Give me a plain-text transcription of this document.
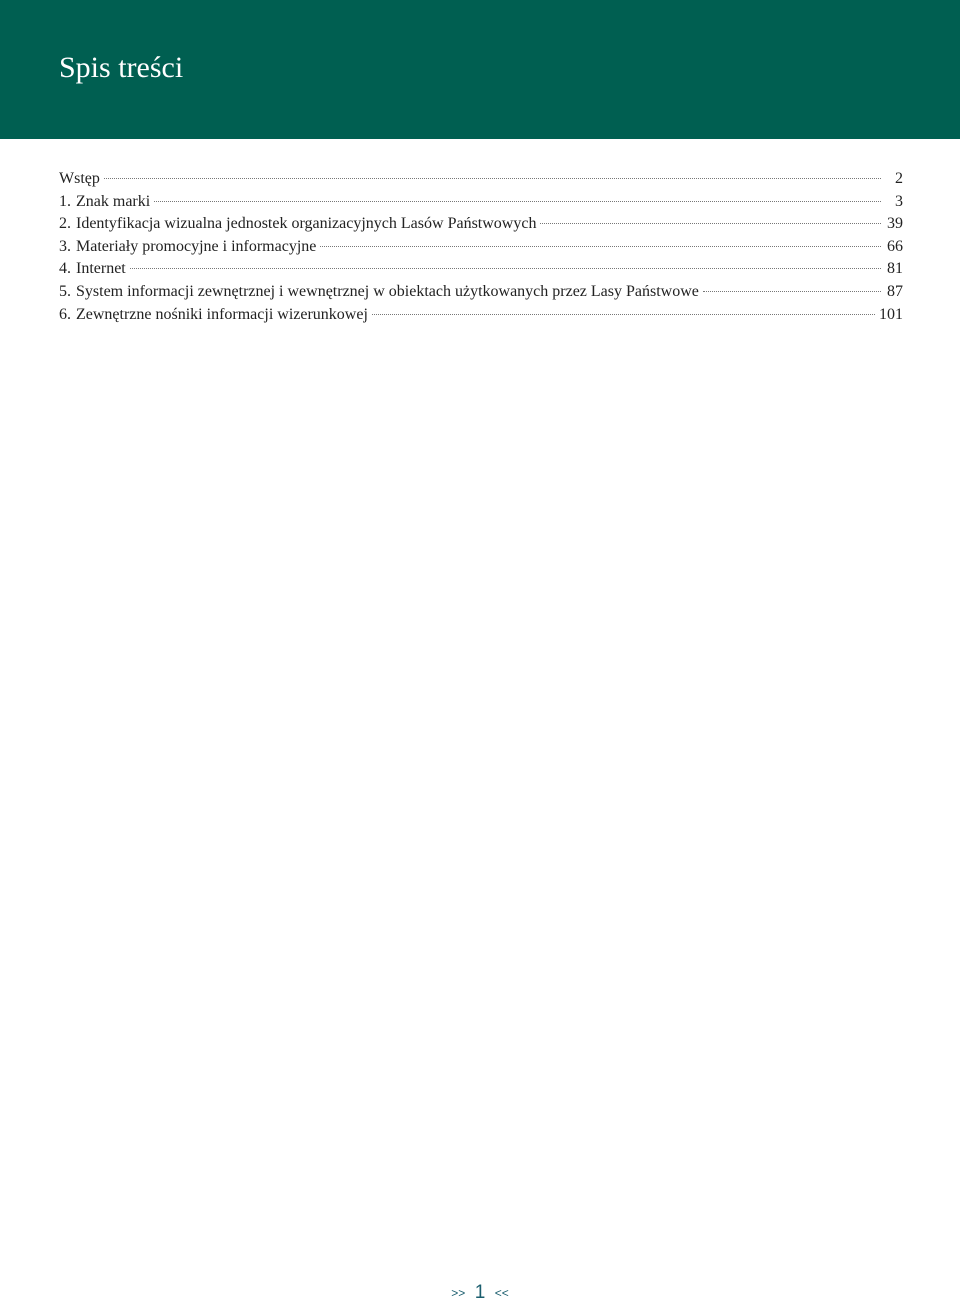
Spis treści
Wstęp	2
1. Znak marki	3
2. Identyfikacja wizualna jednostek organizacyjnych Lasów Państwowych	39
3. Materiały promocyjne i informacyjne	66
4. Internet	81
5. System informacji zewnętrznej i wewnętrznej w obiektach użytkowanych przez Lasy Państwowe	87
6. Zewnętrzne nośniki informacji wizerunkowej	101
>> 1 <<
